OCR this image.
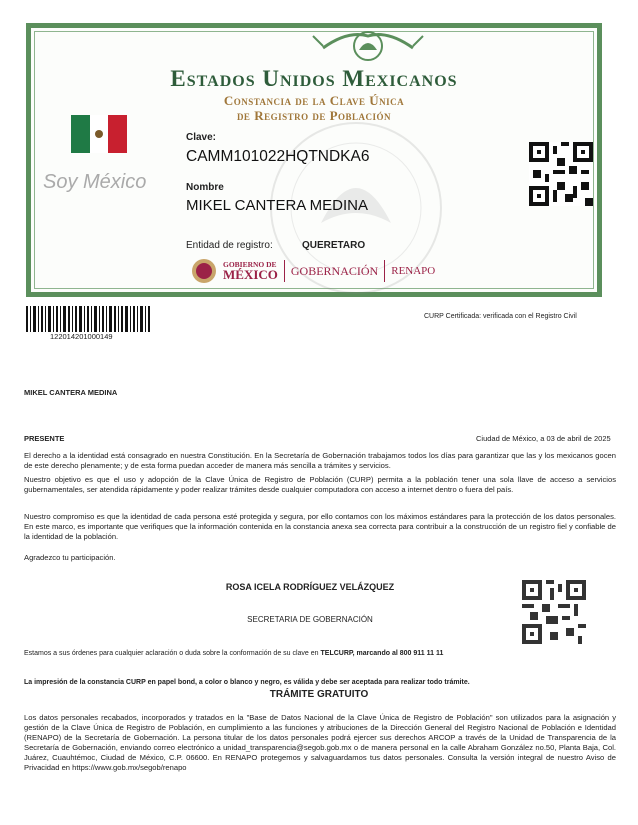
Estados Unidos Mexicanos
Constancia de la Clave Única
de Registro de Población
Soy México
Clave:
CAMM101022HQTNDKA6
Nombre
MIKEL CANTERA MEDINA
Entidad de registro:	QUERETARO
GOBIERNO DE
MÉXICO GOBERNACIÓN RENAPO
122014201000149
CURP Certificada: verificada con el Registro Civil
MIKEL CANTERA MEDINA
PRESENTE	Ciudad de México, a 03 de abril de 2025
El derecho a la identidad está consagrado en nuestra Constitución. En la Secretaría de Gobernación trabajamos todos los días para garantizar que las y los mexicanos gocen de este derecho plenamente; y de esta forma puedan acceder de manera más sencilla a trámites y servicios.
Nuestro objetivo es que el uso y adopción de la Clave Única de Registro de Población (CURP) permita a la población tener una sola llave de acceso a servicios gubernamentales, ser atendida rápidamente y poder realizar trámites desde cualquier computadora con acceso a internet dentro o fuera del país.
Nuestro compromiso es que la identidad de cada persona esté protegida y segura, por ello contamos con los máximos estándares para la protección de los datos personales. En este marco, es importante que verifiques que la información contenida en la constancia anexa sea correcta para contribuir a la construcción de un registro fiel y confiable de la identidad de la población.
Agradezco tu participación.
ROSA ICELA RODRÍGUEZ VELÁZQUEZ
SECRETARIA DE GOBERNACIÓN
Estamos a sus órdenes para cualquier aclaración o duda sobre la conformación de su clave en TELCURP, marcando al 800 911 11 11
La impresión de la constancia CURP en papel bond, a color o blanco y negro, es válida y debe ser aceptada para realizar todo trámite.
TRÁMITE GRATUITO
Los datos personales recabados, incorporados y tratados en la "Base de Datos Nacional de la Clave Única de Registro de Población" son utilizados para la asignación y gestión de la Clave Única de Registro de Población, en cumplimiento a las funciones y atribuciones de la Dirección General del Registro Nacional de Población e Identidad (RENAPO) de la Secretaría de Gobernación. La persona titular de los datos personales podrá ejercer sus derechos ARCOP a través de la Unidad de Transparencia de la Secretaría de Gobernación, enviando correo electrónico a unidad_transparencia@segob.gob.mx o de manera personal en la calle Abraham González no.50, Planta Baja, Col. Juárez, Cuauhtémoc, Ciudad de México, C.P. 06600. En RENAPO protegemos y salvaguardamos tus datos personales. Consulta la versión integral de nuestro Aviso de Privacidad en https://www.gob.mx/segob/renapo
